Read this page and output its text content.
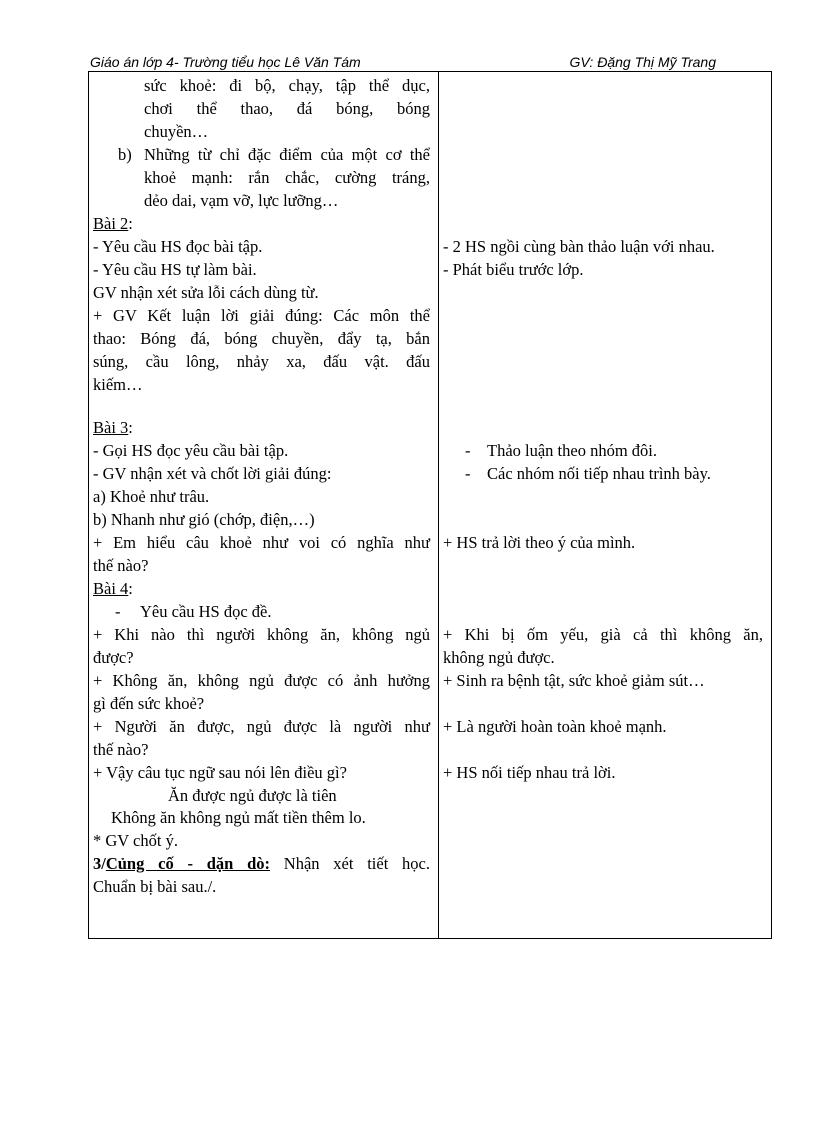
Giáo án lớp 4- Trường tiểu học Lê Văn Tám	GV: Đặng Thị Mỹ Trang
sức khoẻ: đi bộ, chạy, tập thể dục,
chơi thể thao, đá bóng, bóng
chuyền…
b) Những từ chỉ đặc điểm của một cơ thể
khoẻ mạnh: rắn chắc, cường tráng,
dẻo dai, vạm vỡ, lực lưỡng…
Bài 2:
- Yêu cầu HS đọc bài tập.
- Yêu cầu HS tự làm bài.
GV nhận xét sửa lỗi cách dùng từ.
+ GV Kết luận lời giải đúng: Các môn thể
thao: Bóng đá, bóng chuyền, đẩy tạ, bắn
súng, cầu lông, nhảy xa, đấu vật. đấu
kiếm…
Bài 3:
- Gọi HS đọc yêu cầu bài tập.
- GV nhận xét và chốt lời giải đúng:
a) Khoẻ như trâu.
b) Nhanh như gió (chớp, điện,…)
+ Em hiểu câu khoẻ như voi có nghĩa như
thế nào?
Bài 4:
- Yêu cầu HS đọc đề.
+ Khi nào thì người không ăn, không ngủ
được?
+ Không ăn, không ngủ được có ảnh hưởng
gì đến sức khoẻ?
+ Người ăn được, ngủ được là người như
thế nào?
+ Vậy câu tục ngữ sau nói lên điều gì?
Ăn được ngủ được là tiên
Không ăn không ngủ mất tiền thêm lo.
* GV chốt ý.
3/Củng cố - dặn dò: Nhận xét tiết học.
Chuẩn bị bài sau./.
- 2 HS ngồi cùng bàn thảo luận với nhau.
- Phát biểu trước lớp.
- Thảo luận theo nhóm đôi.
- Các nhóm nối tiếp nhau trình bày.
+ HS trả lời theo ý của mình.
+ Khi bị ốm yếu, già cả thì không ăn,
không ngủ được.
+ Sinh ra bệnh tật, sức khoẻ giảm sút…
+ Là người hoàn toàn khoẻ mạnh.
+ HS nối tiếp nhau trả lời.
